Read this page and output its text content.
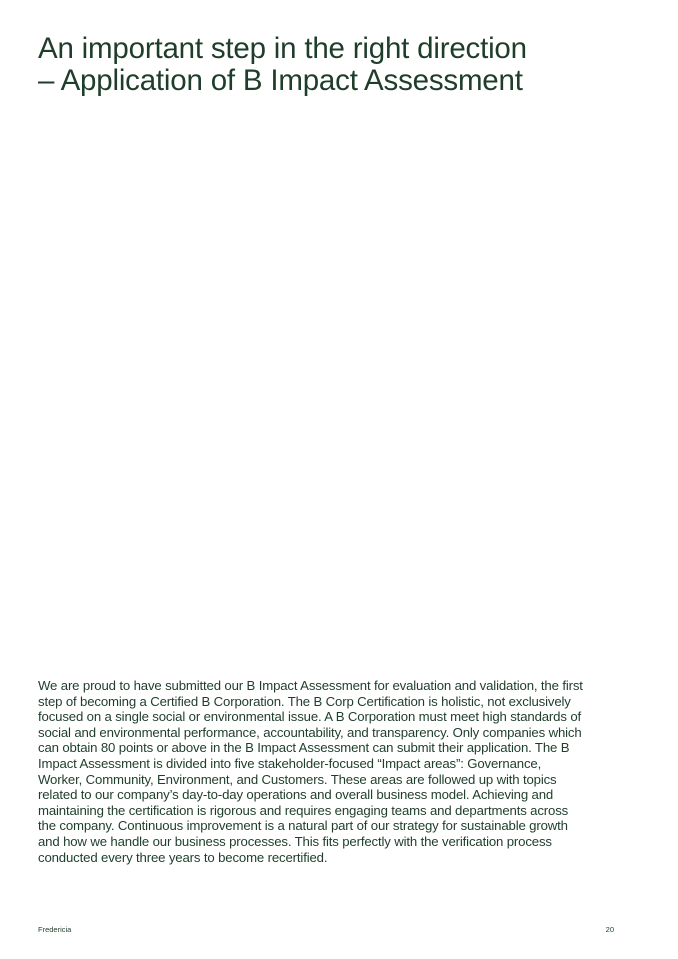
An important step in the right direction
– Application of B Impact Assessment

We are proud to have submitted our B Impact Assessment for evaluation and validation, the first
step of becoming a Certified B Corporation. The B Corp Certification is holistic, not exclusively
focused on a single social or environmental issue. A B Corporation must meet high standards of
social and environmental performance, accountability, and transparency. Only companies which
can obtain 80 points or above in the B Impact Assessment can submit their application. The B
Impact Assessment is divided into five stakeholder-focused “Impact areas”: Governance,
Worker, Community, Environment, and Customers. These areas are followed up with topics
related to our company’s day-to-day operations and overall business model. Achieving and
maintaining the certification is rigorous and requires engaging teams and departments across
the company. Continuous improvement is a natural part of our strategy for sustainable growth
and how we handle our business processes. This fits perfectly with the verification process
conducted every three years to become recertified.

Fredericia	20
